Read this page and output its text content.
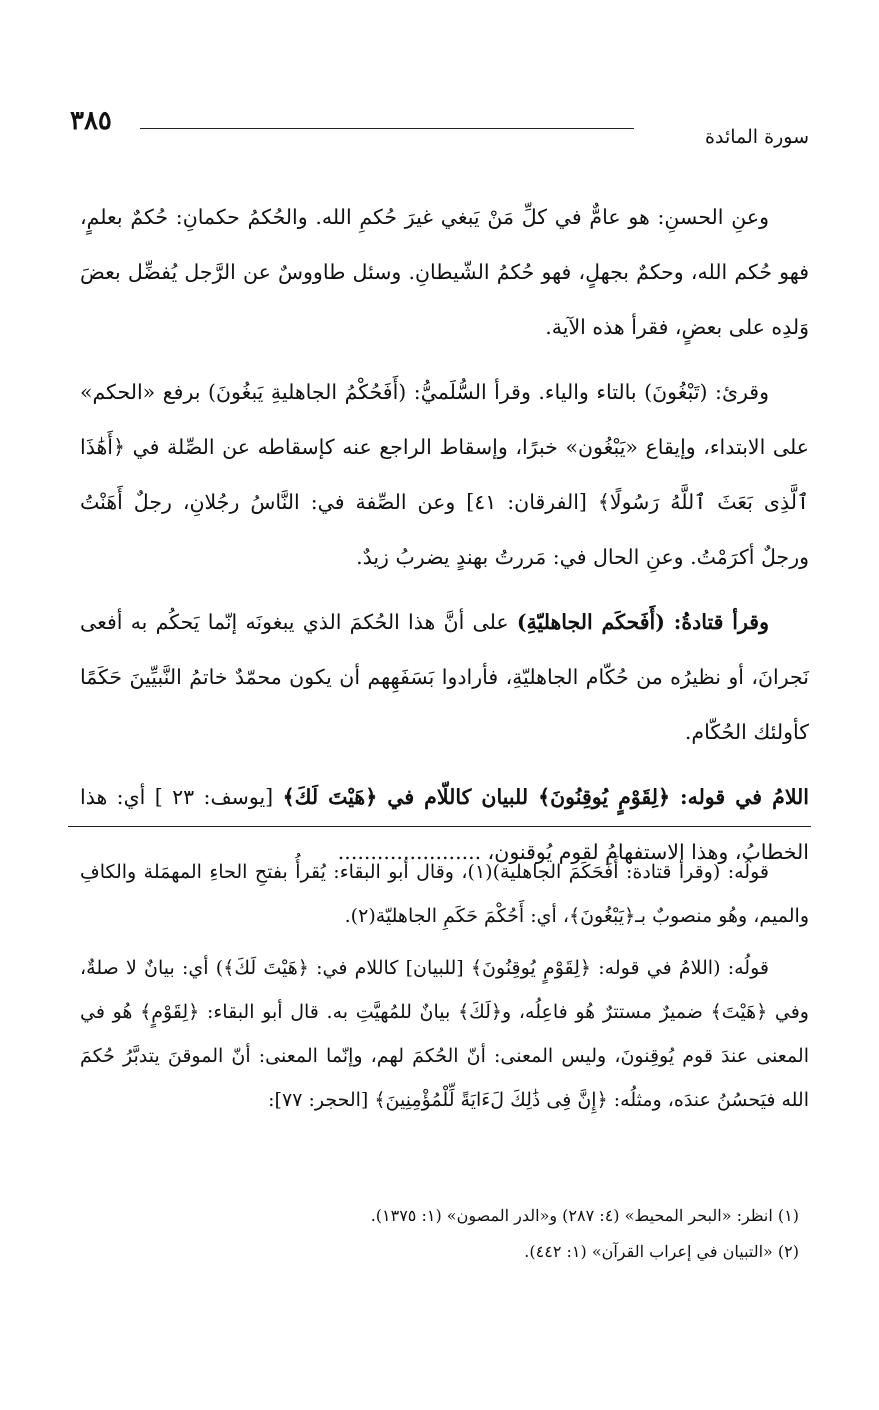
٣٨٥
سورة المائدة

وعنِ الحسنِ: هو عامٌّ في كلِّ مَنْ يَبغي غيرَ حُكمِ الله. والحُكمُ حكمانِ: حُكمٌ بعلمٍ، فهو حُكم الله، وحكمٌ بجهلٍ، فهو حُكمُ الشّيطانِ. وسئل طاووسٌ عن الرَّجل يُفضِّل بعضَ وَلدِه على بعضٍ، فقرأ هذه الآية.

وقرئ: (تَبْغُونَ) بالتاء والياء. وقرأ السُّلَميُّ: (أَفَحُكْمُ الجاهليةِ يَبغُونَ) برفع «الحكم» على الابتداء، وإيقاع «يَبْغُون» خبرًا، وإسقاط الراجع عنه كإسقاطه عن الصِّلة في ﴿أَهَٰذَا ٱلَّذِى بَعَثَ ٱللَّهُ رَسُولًا﴾ [الفرقان: ٤١] وعن الصِّفة في: النَّاسُ رجُلانِ، رجلٌ أَهَنْتُ ورجلٌ أكرَمْتُ. وعنِ الحال في: مَررتُ بهندٍ يضربُ زيدٌ.

وقرأ قتادةُ: (أَفَحكَم الجاهليّةِ) على أنَّ هذا الحُكمَ الذي يبغونَه إنّما يَحكُم به أفعى نَجرانَ، أو نظيرُه من حُكّام الجاهليّةِ، فأرادوا بَسَفَهِهم أن يكون محمّدٌ خاتمُ النَّبيِّينَ حَكَمًا كأولئك الحُكّام.

اللامُ في قوله: ﴿لِقَوْمٍ يُوقِنُونَ﴾ للبيان كاللّام في ﴿هَيْتَ لَكَ﴾ [يوسف: ٢٣ ] أي: هذا الخطابُ، وهذا الاستفهامُ لقوم يُوقنون، ......................

قولُه: (وقرأ قتادة: أَفَحَكَمَ الجاهلية)(١)، وقال أبو البقاء: يُقرأُ بفتحِ الحاءِ المهمَلة والكافِ والميم، وهُو منصوبٌ بـ﴿يَبْغُونَ﴾، أي: أَحُكْمَ حَكَمِ الجاهليّة(٢).

قولُه: (اللامُ في قوله: ﴿لِقَوْمٍ يُوقِنُونَ﴾ [للبيان] كاللام في: ﴿هَيْتَ لَكَ﴾) أي: بيانٌ لا صلةٌ، وفي ﴿هَيْتَ﴾ ضميرٌ مستترٌ هُو فاعِلُه، و﴿لَكَ﴾ بيانٌ للمُهيَّتِ به. قال أبو البقاء: ﴿لِقَوْمٍ﴾ هُو في المعنى عندَ قوم يُوقِنونَ، وليس المعنى: أنّ الحُكمَ لهم، وإنّما المعنى: أنّ الموقنَ يتدبَّرُ حُكمَ الله فيَحسُنُ عندَه، ومثلُه: ﴿إِنَّ فِى ذَٰلِكَ لَءَايَةً لِّلْمُؤْمِنِينَ﴾ [الحجر: ٧٧]:

(١) انظر: «البحر المحيط» (٤: ٢٨٧) و«الدر المصون» (١: ١٣٧٥).

(٢) «التبيان في إعراب القرآن» (١: ٤٤٢).
